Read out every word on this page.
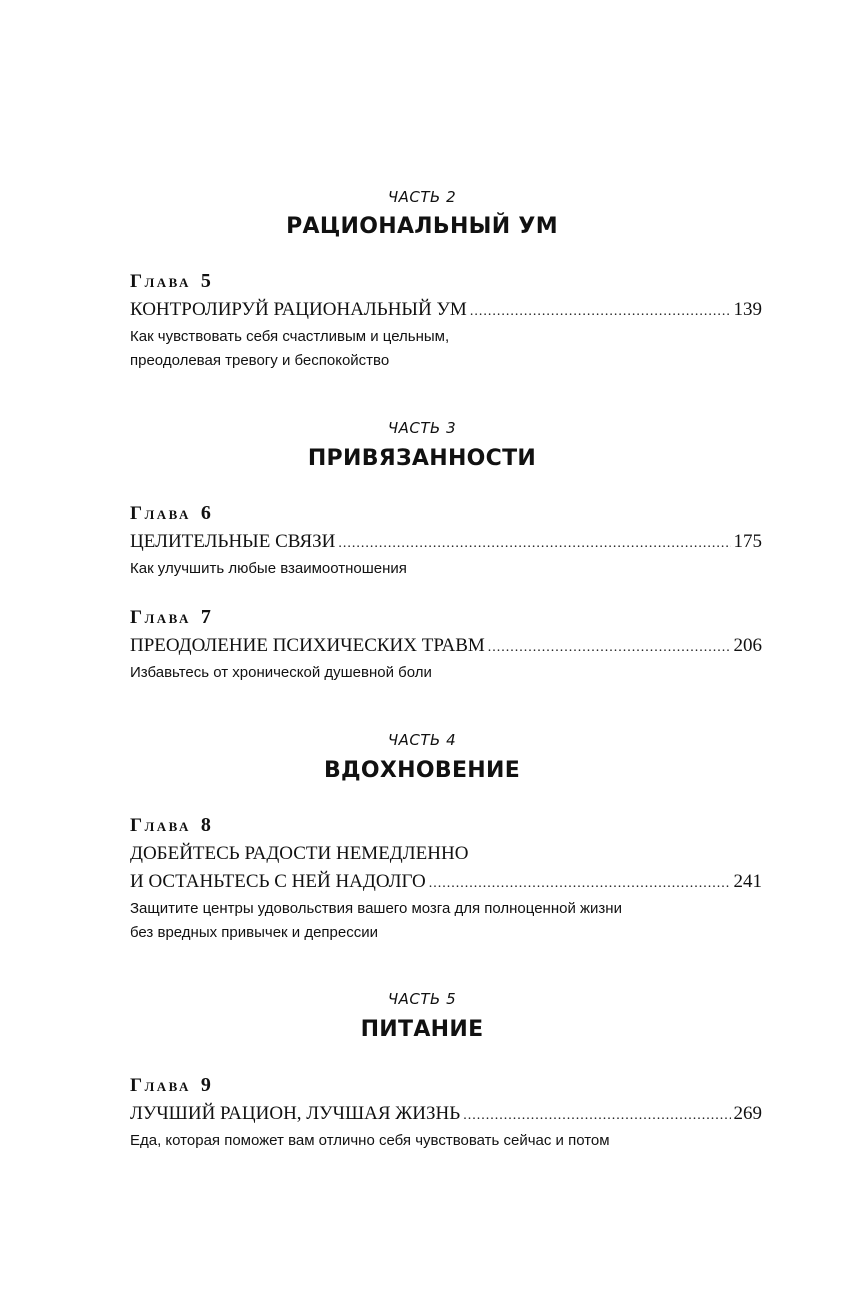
ЧАСТЬ 2
РАЦИОНАЛЬНЫЙ УМ
Глава 5
КОНТРОЛИРУЙ РАЦИОНАЛЬНЫЙ УМ .....	139
Как чувствовать себя счастливым и цельным,
преодолевая тревогу и беспокойство
ЧАСТЬ 3
ПРИВЯЗАННОСТИ
Глава 6
ЦЕЛИТЕЛЬНЫЕ СВЯЗИ .....	175
Как улучшить любые взаимоотношения
Глава 7
ПРЕОДОЛЕНИЕ ПСИХИЧЕСКИХ ТРАВМ .....	206
Избавьтесь от хронической душевной боли
ЧАСТЬ 4
ВДОХНОВЕНИЕ
Глава 8
ДОБЕЙТЕСЬ РАДОСТИ НЕМЕДЛЕННО
И ОСТАНЬТЕСЬ С НЕЙ НАДОЛГО .....	241
Защитите центры удовольствия вашего мозга для полноценной жизни
без вредных привычек и депрессии
ЧАСТЬ 5
ПИТАНИЕ
Глава 9
ЛУЧШИЙ РАЦИОН, ЛУЧШАЯ ЖИЗНЬ .....	269
Еда, которая поможет вам отлично себя чувствовать сейчас и потом
